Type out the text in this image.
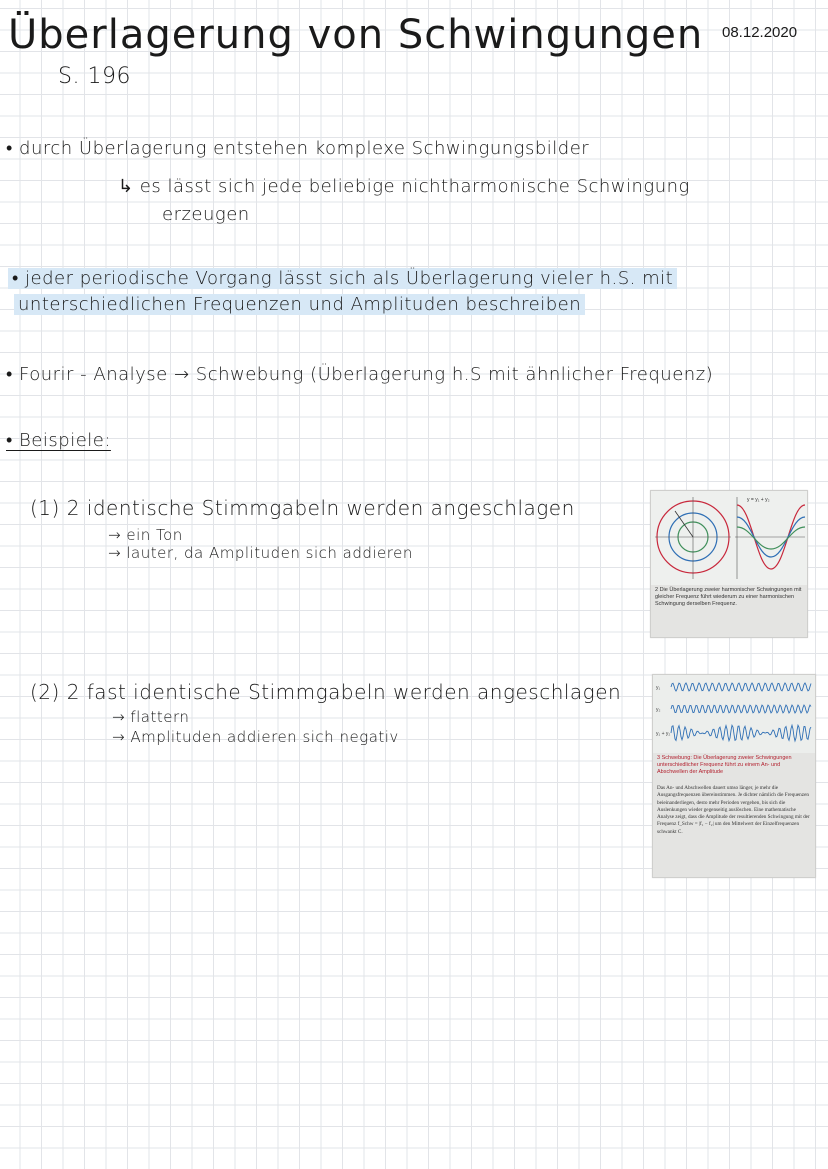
Überlagerung von Schwingungen
S. 196
08.12.2020
• durch Überlagerung entstehen komplexe Schwingungsbilder
↳ es lässt sich jede beliebige nichtharmonische Schwingung
erzeugen
• jeder periodische Vorgang lässt sich als Überlagerung vieler h.S. mit
unterschiedlichen Frequenzen und Amplituden beschreiben
• Fourir - Analyse → Schwebung (Überlagerung h.S mit ähnlicher Frequenz)
• Beispiele:
(1) 2 identische Stimmgabeln werden angeschlagen
→ ein Ton
→ lauter, da Amplituden sich addieren
y = y₁ + y₂
2 Die Überlagerung zweier harmonischer Schwingungen mit gleicher Frequenz führt wiederum zu einer harmonischen Schwingung derselben Frequenz.
(2) 2 fast identische Stimmgabeln werden angeschlagen
→ flattern
→ Amplituden addieren sich negativ
y₁
y₂
y₁ + y₂
3 Schwebung: Die Überlagerung zweier Schwingungen unterschiedlicher Frequenz führt zu einem An- und Abschwellen der Amplitude
Das An- und Abschwellen dauert umso länger, je mehr die Ausgangsfrequenzen übereinstimmen. Je dichter nämlich die Frequenzen beieinanderliegen, desto mehr Perioden vergehen, bis sich die Auslenkungen wieder gegenseitig auslöschen. Eine mathematische Analyse zeigt, dass die Amplitude der resultierenden Schwingung mit der Frequenz f_Schw = |f₁ − f₂| um den Mittelwert der Einzelfrequenzen schwankt C.
